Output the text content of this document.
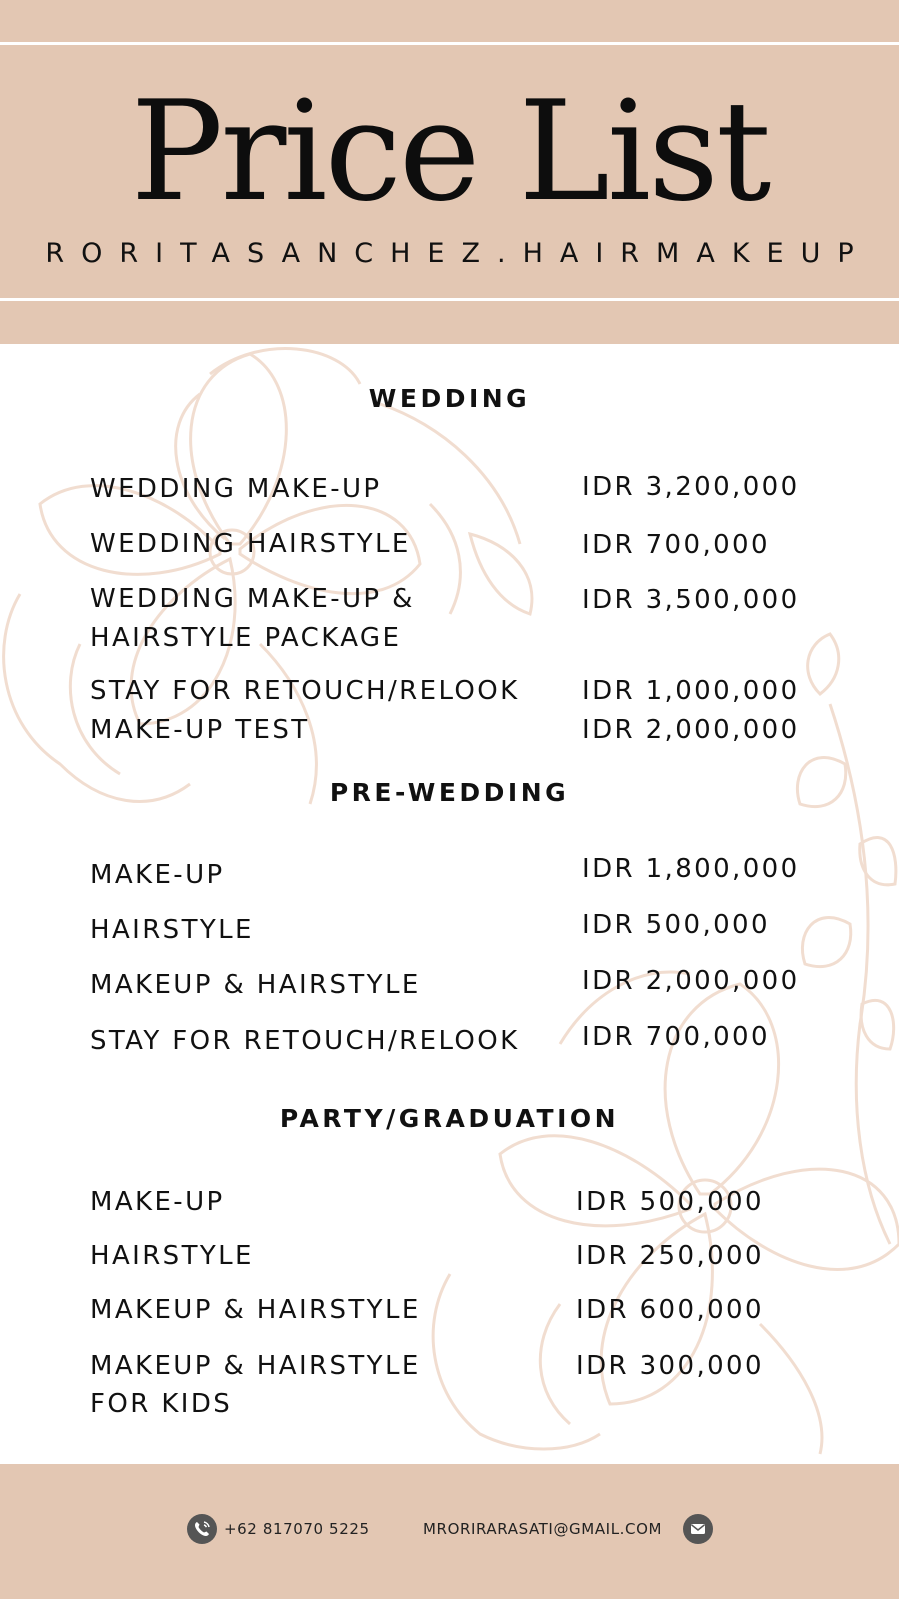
Price List
RORITASANCHEZ.HAIRMAKEUP
WEDDING
WEDDING MAKE-UP	IDR 3,200,000
WEDDING HAIRSTYLE	IDR 700,000
WEDDING MAKE-UP &
HAIRSTYLE PACKAGE
IDR 3,500,000
STAY FOR RETOUCH/RELOOK IDR 1,000,000
MAKE-UP TEST	IDR 2,000,000
PRE-WEDDING
MAKE-UP	IDR 1,800,000
HAIRSTYLE	IDR 500,000
MAKEUP & HAIRSTYLE	IDR 2,000,000
STAY FOR RETOUCH/RELOOK IDR 700,000
PARTY/GRADUATION
MAKE-UP	IDR 500,000
HAIRSTYLE	IDR 250,000
MAKEUP & HAIRSTYLE	IDR 600,000
MAKEUP & HAIRSTYLE
FOR KIDS
IDR 300,000
+62 817070 5225	MRORIRARASATI@GMAIL.COM
